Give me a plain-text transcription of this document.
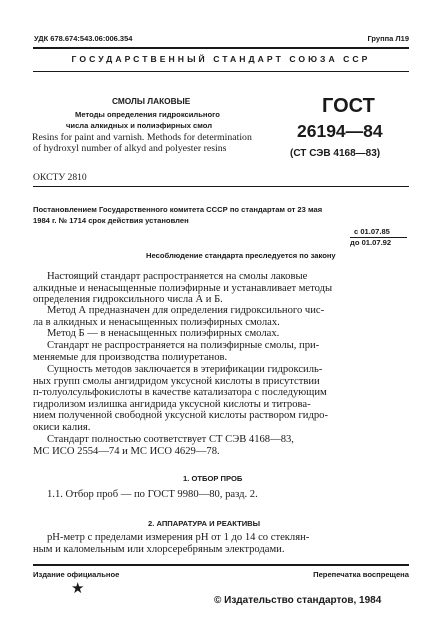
УДК 678.674:543.06:006.354	Группа Л19
ГОСУДАРСТВЕННЫЙ СТАНДАРТ СОЮЗА ССР
СМОЛЫ ЛАКОВЫЕ
Методы определения гидроксильного
числа алкидных и полиэфирных смол
Resins for paint and varnish. Methods for determination
of hydroxyl number of alkyd and polyester resins
ГОСТ
26194—84
(СТ СЭВ 4168—83)
ОКСТУ 2810
Постановлением Государственного комитета СССР по стандартам от 23 мая
1984 г. № 1714 срок действия установлен
с 01.07.85
до 01.07.92
Несоблюдение стандарта преследуется по закону
Настоящий стандарт распространяется на смолы лаковые
алкидные и ненасыщенные полиэфирные и устанавливает методы
определения гидроксильного числа А и Б.
Метод А предназначен для определения гидроксильного чис-
ла в алкидных и ненасыщенных полиэфирных смолах.
Метод Б — в ненасыщенных полиэфирных смолах.
Стандарт не распространяется на полиэфирные смолы, при-
меняемые для производства полиуретанов.
Сущность методов заключается в этерификации гидроксиль-
ных групп смолы ангидридом уксусной кислоты в присутствии
п-толуолсульфокислоты в качестве катализатора с последующим
гидролизом излишка ангидрида уксусной кислоты и титрова-
нием полученной свободной уксусной кислоты раствором гидро-
окиси калия.
Стандарт полностью соответствует СТ СЭВ 4168—83,
МС ИСО 2554—74 и МС ИСО 4629—78.
1. ОТБОР ПРОБ
1.1. Отбор проб — по ГОСТ 9980—80, разд. 2.
2. АППАРАТУРА И РЕАКТИВЫ
pH-метр с пределами измерения pH от 1 до 14 со стеклян-
ным и каломельным или хлорсеребряным электродами.
Издание официальное	Перепечатка воспрещена
★
© Издательство стандартов, 1984
